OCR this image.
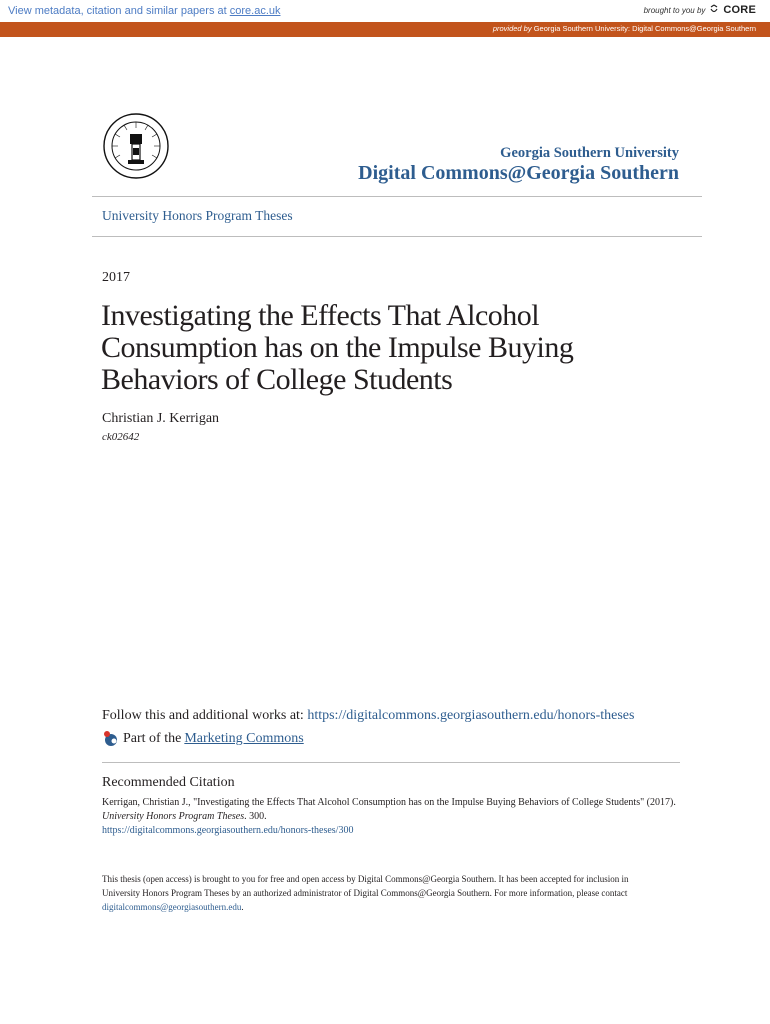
View metadata, citation and similar papers at core.ac.uk	brought to you by CORE
provided by Georgia Southern University: Digital Commons@Georgia Southern
Georgia Southern University
Digital Commons@Georgia Southern
University Honors Program Theses
2017
Investigating the Effects That Alcohol Consumption has on the Impulse Buying Behaviors of College Students
Christian J. Kerrigan
ck02642
Follow this and additional works at: https://digitalcommons.georgiasouthern.edu/honors-theses
Part of the Marketing Commons
Recommended Citation
Kerrigan, Christian J., "Investigating the Effects That Alcohol Consumption has on the Impulse Buying Behaviors of College Students" (2017). University Honors Program Theses. 300.
https://digitalcommons.georgiasouthern.edu/honors-theses/300
This thesis (open access) is brought to you for free and open access by Digital Commons@Georgia Southern. It has been accepted for inclusion in University Honors Program Theses by an authorized administrator of Digital Commons@Georgia Southern. For more information, please contact digitalcommons@georgiasouthern.edu.
